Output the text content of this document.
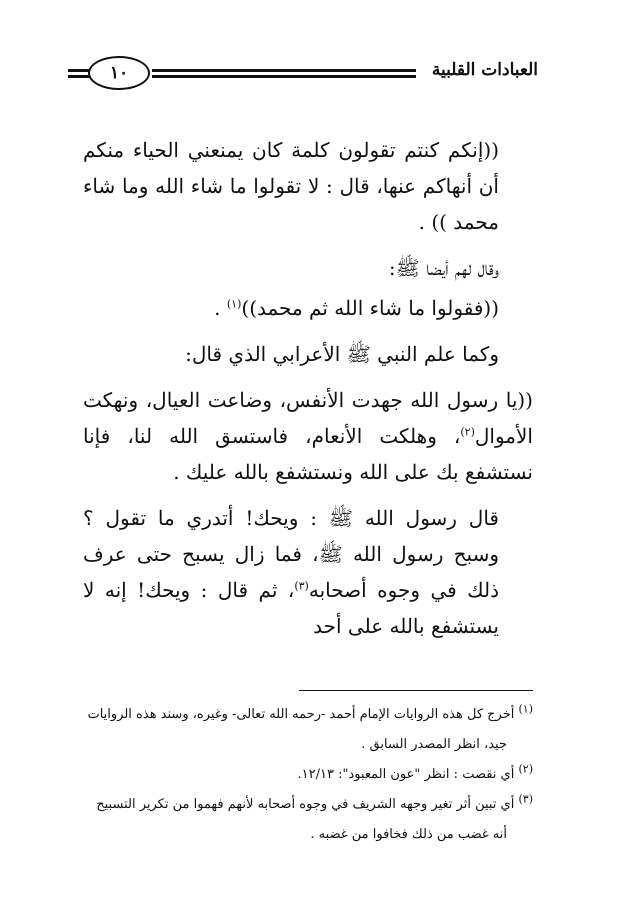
العبادات القلبية
١٠

((إنكم كنتم تقولون كلمة كان يمنعني الحياء منكم أن أنهاكم عنها، قال : لا تقولوا ما شاء الله وما شاء محمد )) .

وقال لهم أيضا ﷺ:

((فقولوا ما شاء الله ثم محمد))$^{(١)}$ .

وكما علم النبي ﷺ الأعرابي الذي قال:

((يا رسول الله جهدت الأنفس، وضاعت العيال، ونهكت الأموال$^{(٢)}$، وهلكت الأنعام، فاستسق الله لنا، فإنا نستشفع بك على الله ونستشفع بالله عليك .

قال رسول الله ﷺ : ويحك! أتدري ما تقول ؟ وسبح رسول الله ﷺ، فما زال يسبح حتى عرف ذلك في وجوه أصحابه$^{(٣)}$، ثم قال : ويحك! إنه لا يستشفع بالله على أحد

$^{(١)}$ أخرج كل هذه الروايات الإمام أحمد -رحمه الله تعالى- وغيره، وسند هذه الروايات

جيد، انظر المصدر السابق .

$^{(٢)}$ أي نقصت : انظر "عون المعبود": ١٢/١٣.

$^{(٣)}$ أي تبين أثر تغير وجهه الشريف في وجوه أصحابه لأنهم فهموا من تكرير التسبيح

أنه غضب من ذلك فخافوا من غضبه .
